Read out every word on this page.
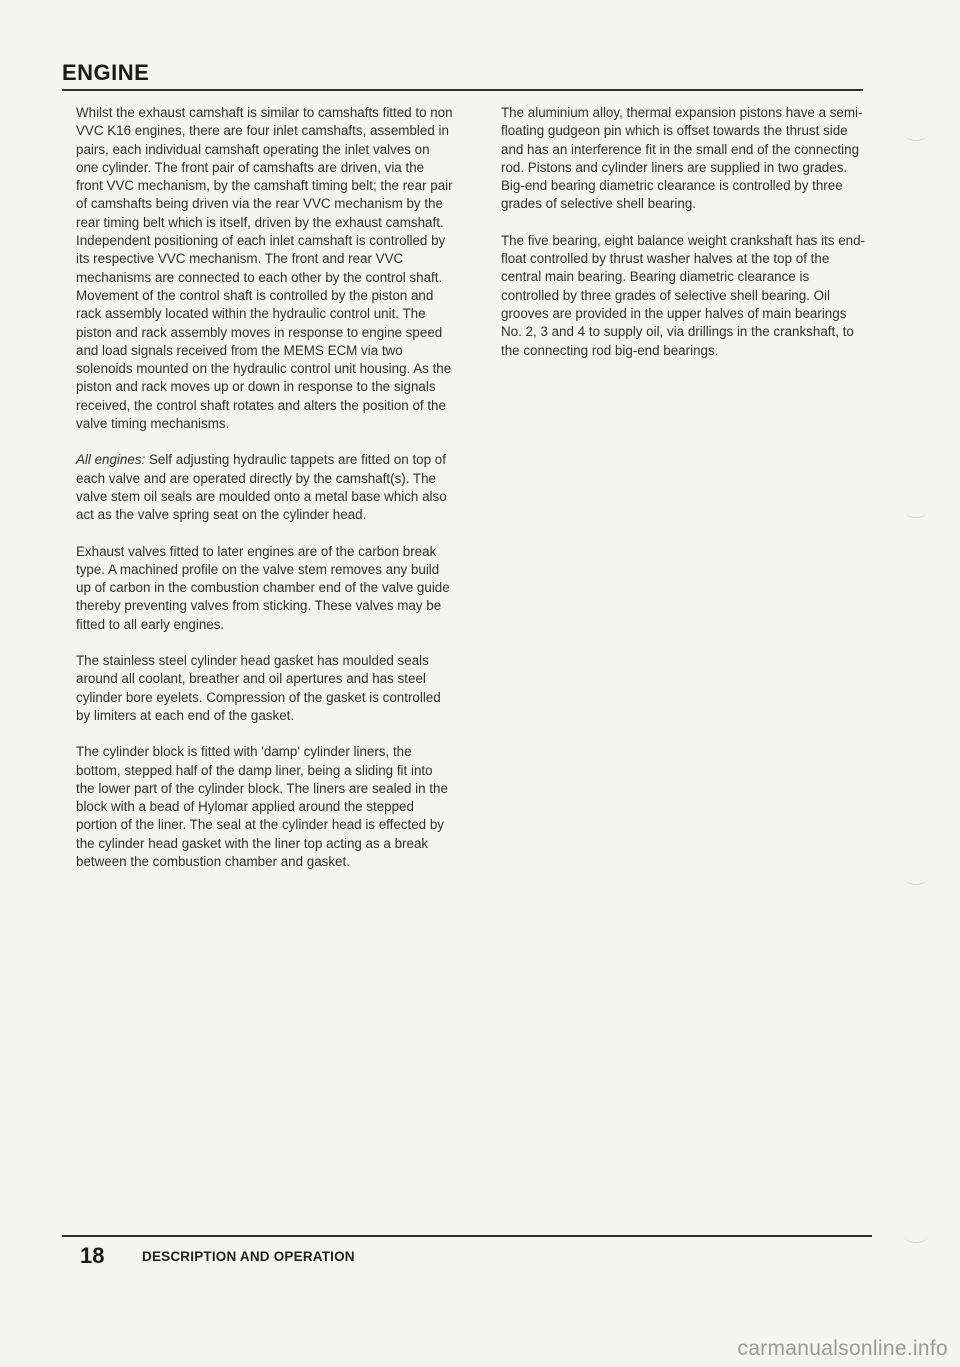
ENGINE

Whilst the exhaust camshaft is similar to camshafts fitted to non VVC K16 engines, there are four inlet camshafts, assembled in pairs, each individual camshaft operating the inlet valves on one cylinder. The front pair of camshafts are driven, via the front VVC mechanism, by the camshaft timing belt; the rear pair of camshafts being driven via the rear VVC mechanism by the rear timing belt which is itself, driven by the exhaust camshaft. Independent positioning of each inlet camshaft is controlled by its respective VVC mechanism. The front and rear VVC mechanisms are connected to each other by the control shaft. Movement of the control shaft is controlled by the piston and rack assembly located within the hydraulic control unit. The piston and rack assembly moves in response to engine speed and load signals received from the MEMS ECM via two solenoids mounted on the hydraulic control unit housing. As the piston and rack moves up or down in response to the signals received, the control shaft rotates and alters the position of the valve timing mechanisms.

All engines: Self adjusting hydraulic tappets are fitted on top of each valve and are operated directly by the camshaft(s). The valve stem oil seals are moulded onto a metal base which also act as the valve spring seat on the cylinder head.

Exhaust valves fitted to later engines are of the carbon break type. A machined profile on the valve stem removes any build up of carbon in the combustion chamber end of the valve guide thereby preventing valves from sticking. These valves may be fitted to all early engines.

The stainless steel cylinder head gasket has moulded seals around all coolant, breather and oil apertures and has steel cylinder bore eyelets. Compression of the gasket is controlled by limiters at each end of the gasket.

The cylinder block is fitted with 'damp' cylinder liners, the bottom, stepped half of the damp liner, being a sliding fit into the lower part of the cylinder block. The liners are sealed in the block with a bead of Hylomar applied around the stepped portion of the liner. The seal at the cylinder head is effected by the cylinder head gasket with the liner top acting as a break between the combustion chamber and gasket.

The aluminium alloy, thermal expansion pistons have a semi- floating gudgeon pin which is offset towards the thrust side and has an interference fit in the small end of the connecting rod. Pistons and cylinder liners are supplied in two grades. Big-end bearing diametric clearance is controlled by three grades of selective shell bearing.

The five bearing, eight balance weight crankshaft has its end-float controlled by thrust washer halves at the top of the central main bearing. Bearing diametric clearance is controlled by three grades of selective shell bearing. Oil grooves are provided in the upper halves of main bearings No. 2, 3 and 4 to supply oil, via drillings in the crankshaft, to the connecting rod big-end bearings.

18	DESCRIPTION AND OPERATION
carmanualsonline.info
